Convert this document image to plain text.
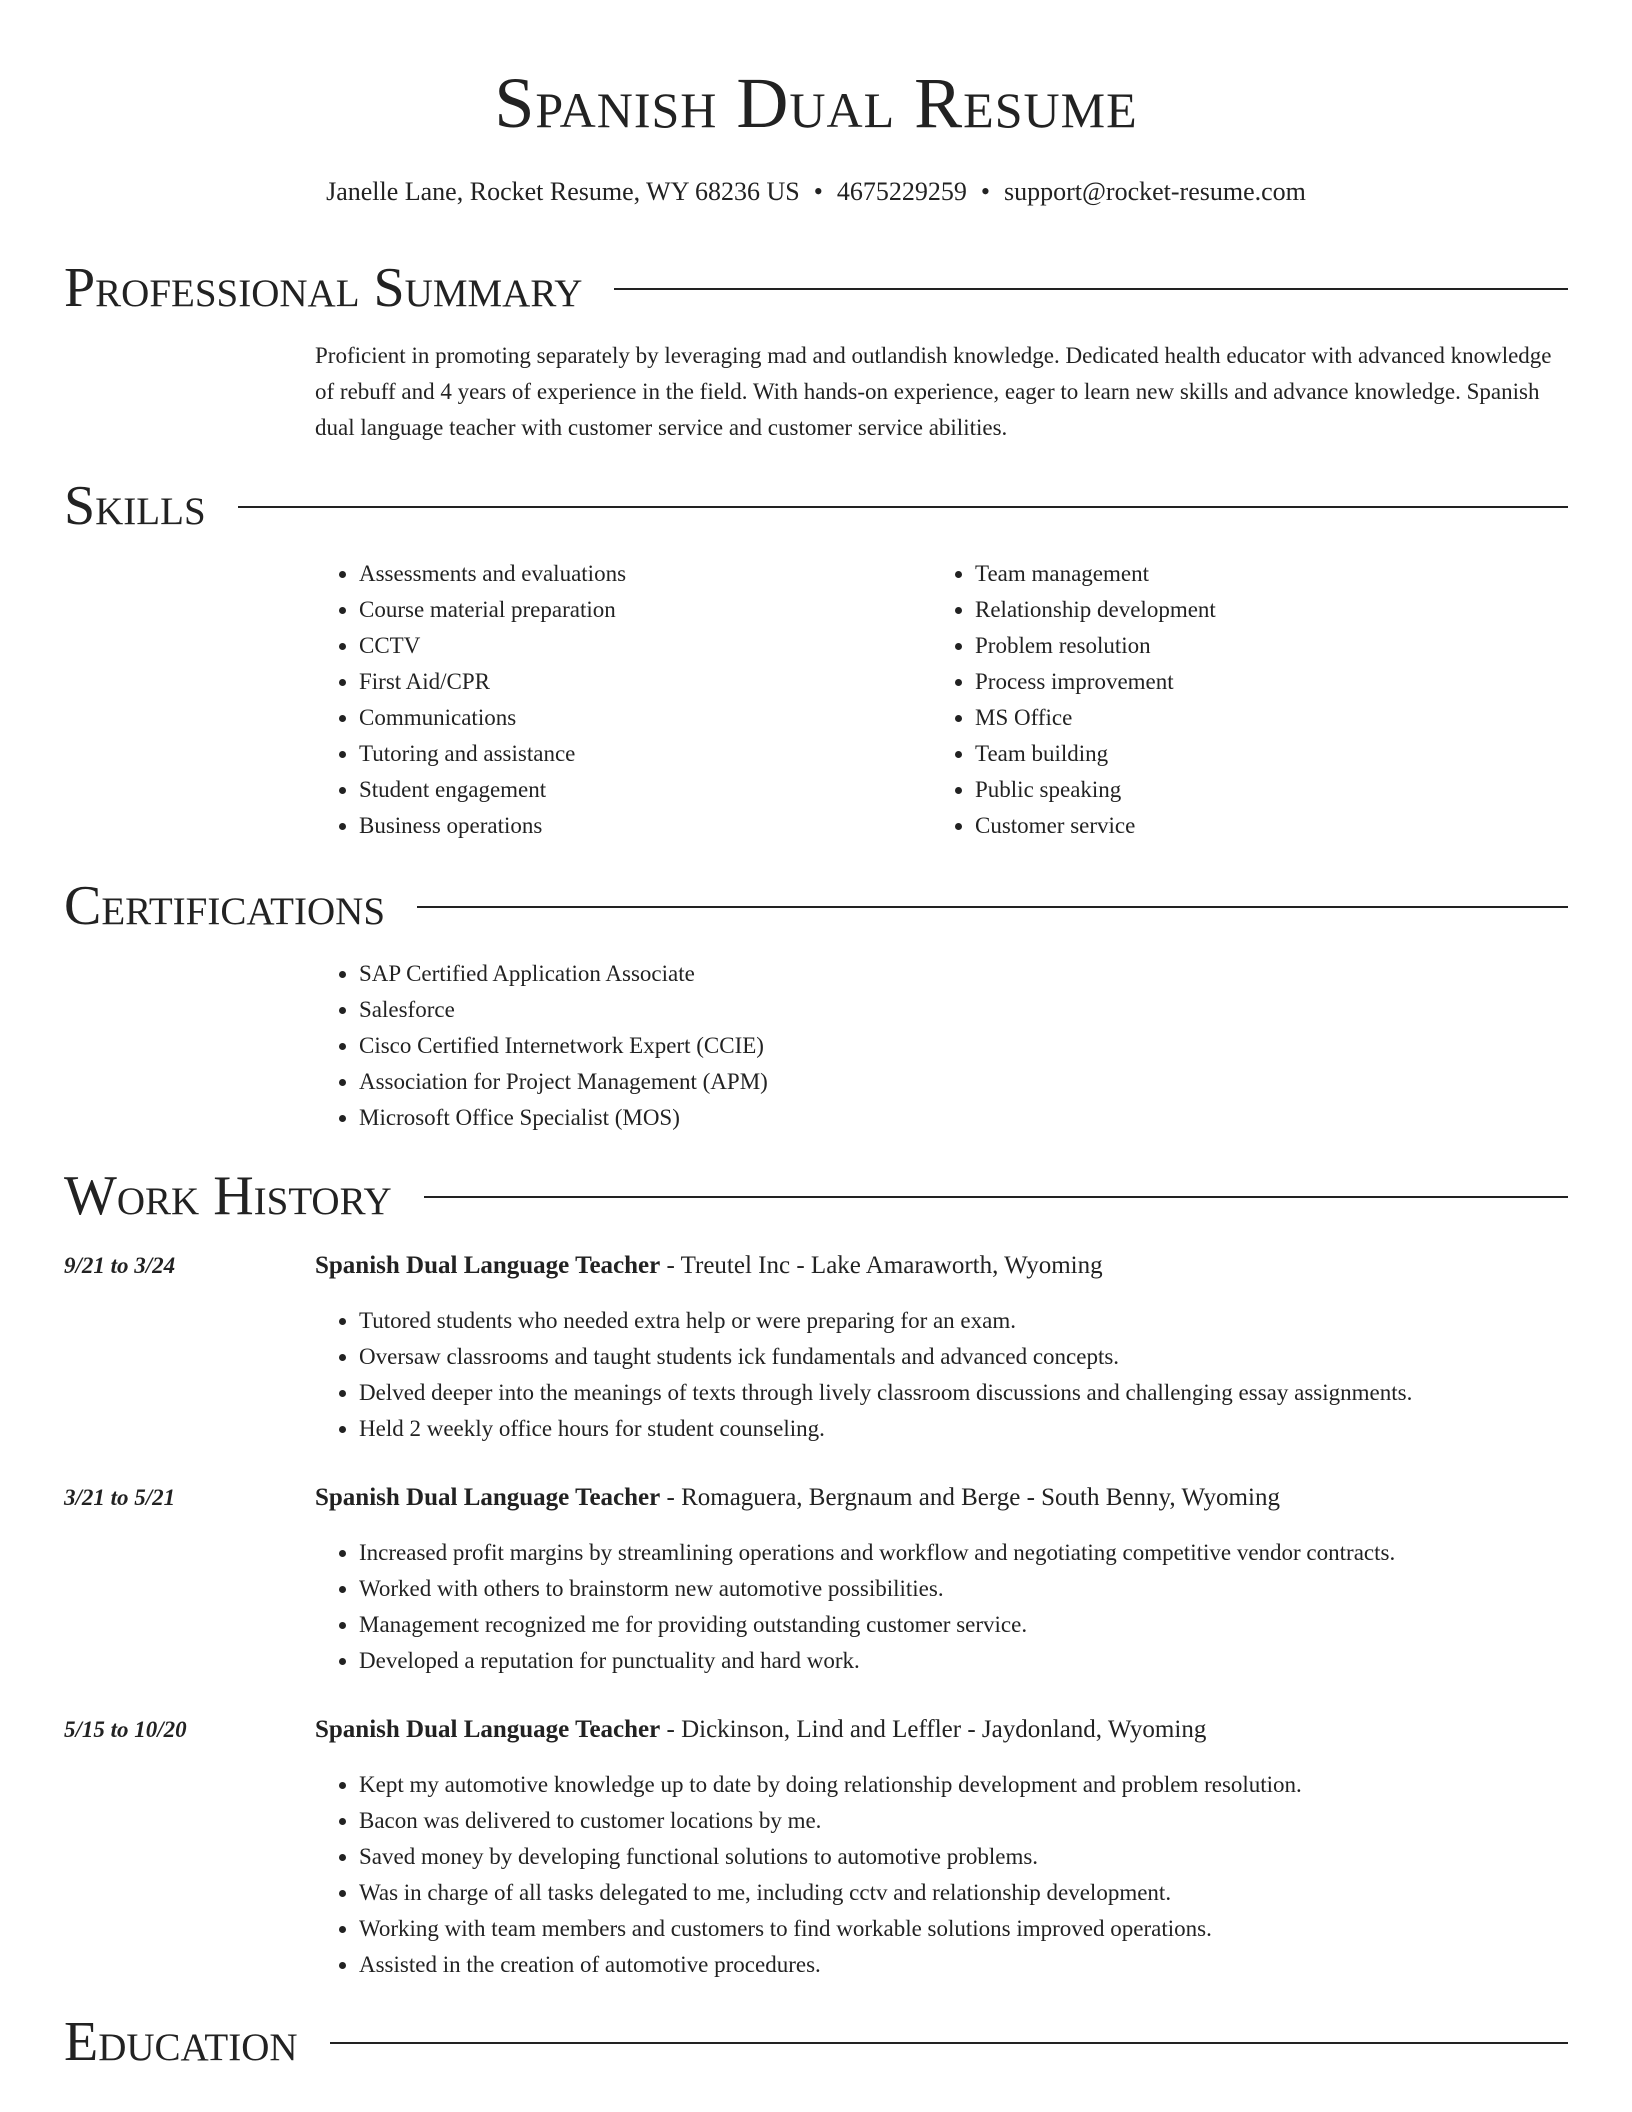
Spanish Dual Resume
Janelle Lane, Rocket Resume, WY 68236 US • 4675229259 • support@rocket-resume.com
Professional Summary

Proficient in promoting separately by leveraging mad and outlandish knowledge. Dedicated health educator with advanced knowledge of rebuff and 4 years of experience in the field. With hands-on experience, eager to learn new skills and advance knowledge. Spanish dual language teacher with customer service and customer service abilities.

Skills
• Assessments and evaluations
• Course material preparation
• CCTV
• First Aid/CPR
• Communications
• Tutoring and assistance
• Student engagement
• Business operations
• Team management
• Relationship development
• Problem resolution
• Process improvement
• MS Office
• Team building
• Public speaking
• Customer service
Certifications
• SAP Certified Application Associate
• Salesforce
• Cisco Certified Internetwork Expert (CCIE)
• Association for Project Management (APM)
• Microsoft Office Specialist (MOS)
Work History
9/21 to 3/24	Spanish Dual Language Teacher - Treutel Inc - Lake Amaraworth, Wyoming
• Tutored students who needed extra help or were preparing for an exam.
• Oversaw classrooms and taught students ick fundamentals and advanced concepts.
• Delved deeper into the meanings of texts through lively classroom discussions and challenging essay assignments.
• Held 2 weekly office hours for student counseling.
3/21 to 5/21	Spanish Dual Language Teacher - Romaguera, Bergnaum and Berge - South Benny, Wyoming
• Increased profit margins by streamlining operations and workflow and negotiating competitive vendor contracts.
• Worked with others to brainstorm new automotive possibilities.
• Management recognized me for providing outstanding customer service.
• Developed a reputation for punctuality and hard work.
5/15 to 10/20	Spanish Dual Language Teacher - Dickinson, Lind and Leffler - Jaydonland, Wyoming
• Kept my automotive knowledge up to date by doing relationship development and problem resolution.
• Bacon was delivered to customer locations by me.
• Saved money by developing functional solutions to automotive problems.
• Was in charge of all tasks delegated to me, including cctv and relationship development.
• Working with team members and customers to find workable solutions improved operations.
• Assisted in the creation of automotive procedures.
Education
